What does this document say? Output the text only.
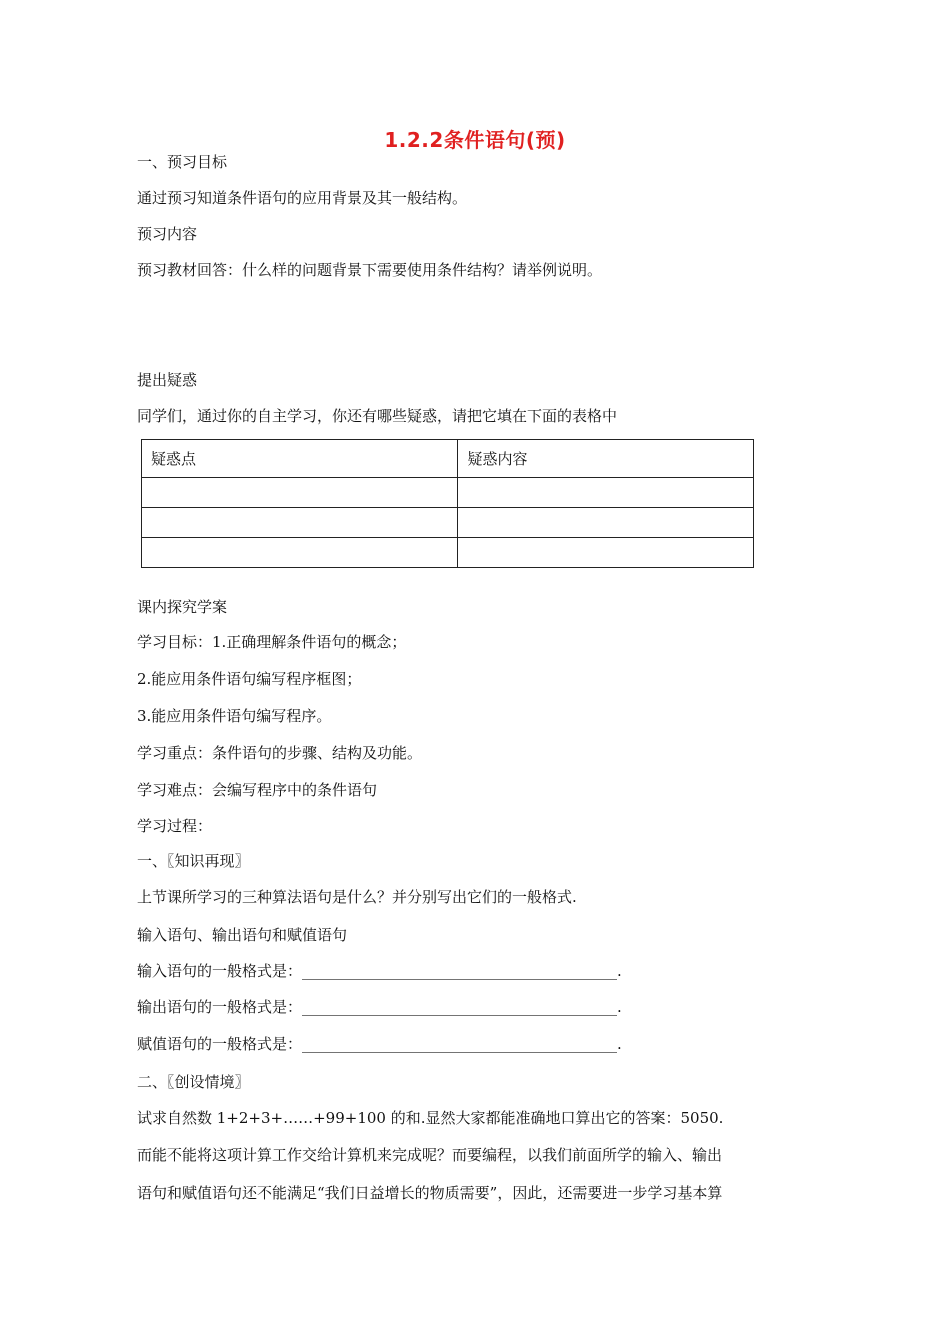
1.2.2条件语句(预)
一、预习目标
通过预习知道条件语句的应用背景及其一般结构。
预习内容
预习教材回答：什么样的问题背景下需要使用条件结构？请举例说明。
提出疑惑
同学们，通过你的自主学习，你还有哪些疑惑，请把它填在下面的表格中
疑惑点	疑惑内容

课内探究学案
学习目标：1.正确理解条件语句的概念；
2.能应用条件语句编写程序框图；
3.能应用条件语句编写程序。
学习重点：条件语句的步骤、结构及功能。
学习难点：会编写程序中的条件语句
学习过程：
一、〖知识再现〗
上节课所学习的三种算法语句是什么？并分别写出它们的一般格式.
输入语句、输出语句和赋值语句
输入语句的一般格式是：__________________________________________.
输出语句的一般格式是：__________________________________________.
赋值语句的一般格式是：__________________________________________.
二、〖创设情境〗
试求自然数 1+2+3+……+99+100 的和.显然大家都能准确地口算出它的答案：5050.
而能不能将这项计算工作交给计算机来完成呢？而要编程，以我们前面所学的输入、输出
语句和赋值语句还不能满足“我们日益增长的物质需要”，因此，还需要进一步学习基本算
